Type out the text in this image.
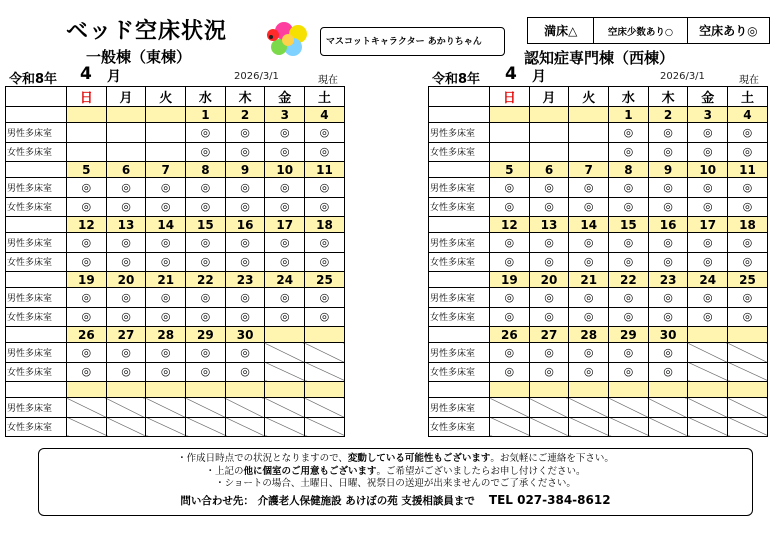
ベッド空床状況	マスコットキャラクター あかりちゃん
満床△	空床少数あり○	空床あり◎
一般棟（東棟）
令和8年 4 月	2026/3/1	現在
認知症専門棟（西棟）
令和8年 4 月	2026/3/1	現在
	日	月	火	水	木	金	土
				1	2	3	4
男性多床室				◎	◎	◎	◎
女性多床室				◎	◎	◎	◎
	5	6	7	8	9	10	11
男性多床室	◎	◎	◎	◎	◎	◎	◎
女性多床室	◎	◎	◎	◎	◎	◎	◎
	12	13	14	15	16	17	18
男性多床室	◎	◎	◎	◎	◎	◎	◎
女性多床室	◎	◎	◎	◎	◎	◎	◎
	19	20	21	22	23	24	25
男性多床室	◎	◎	◎	◎	◎	◎	◎
女性多床室	◎	◎	◎	◎	◎	◎	◎
	26	27	28	29	30		
男性多床室	◎	◎	◎	◎	◎		
女性多床室	◎	◎	◎	◎	◎		

男性多床室							
女性多床室							
	日	月	火	水	木	金	土
				1	2	3	4
男性多床室				◎	◎	◎	◎
女性多床室				◎	◎	◎	◎
	5	6	7	8	9	10	11
男性多床室	◎	◎	◎	◎	◎	◎	◎
女性多床室	◎	◎	◎	◎	◎	◎	◎
	12	13	14	15	16	17	18
男性多床室	◎	◎	◎	◎	◎	◎	◎
女性多床室	◎	◎	◎	◎	◎	◎	◎
	19	20	21	22	23	24	25
男性多床室	◎	◎	◎	◎	◎	◎	◎
女性多床室	◎	◎	◎	◎	◎	◎	◎
	26	27	28	29	30		
男性多床室	◎	◎	◎	◎	◎		
女性多床室	◎	◎	◎	◎	◎		

男性多床室							
女性多床室							
・作成日時点での状況となりますので、変動している可能性もございます。お気軽にご連絡を下さい。
・上記の他に個室のご用意もございます。ご希望がございましたらお申し付けください。
・ショートの場合、土曜日、日曜、祝祭日の送迎が出来ませんのでご了承ください。
問い合わせ先： 介護老人保健施設 あけぼの苑 支援相談員まで TEL 027-384-8612
